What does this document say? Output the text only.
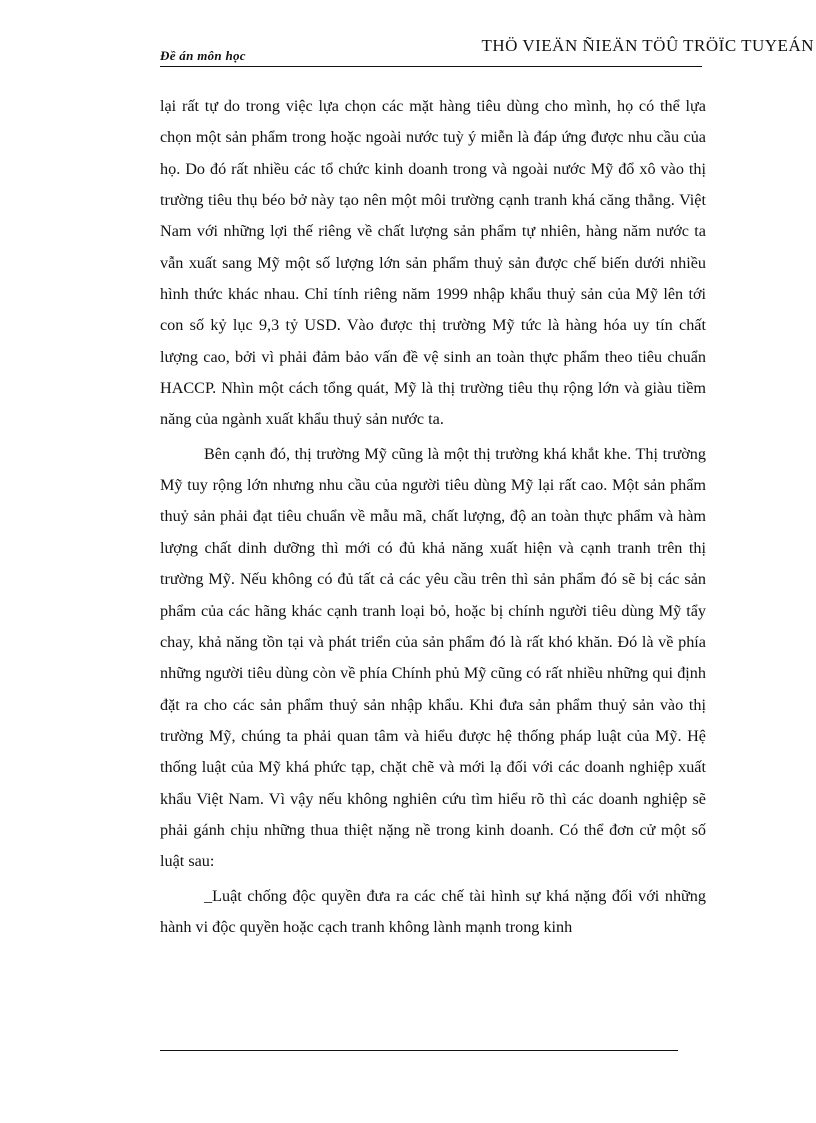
Đề án môn học
THÖ VIEÄN ÑIEÄN TÖÛ TRÖÏC TUYEÁN

lại rất tự do trong việc lựa chọn các mặt hàng tiêu dùng cho mình, họ có thể lựa chọn một sản phẩm trong hoặc ngoài nước tuỳ ý miễn là đáp ứng được nhu cầu của họ. Do đó rất nhiều các tổ chức kinh doanh trong và ngoài nước Mỹ đổ xô vào thị trường tiêu thụ béo bở này tạo nên một môi trường cạnh tranh khá căng thẳng. Việt Nam với những lợi thế riêng về chất lượng sản phẩm tự nhiên, hàng năm nước ta vẫn xuất sang Mỹ một số lượng lớn sản phẩm thuỷ sản được chế biến dưới nhiều hình thức khác nhau. Chỉ tính riêng năm 1999 nhập khẩu thuỷ sản của Mỹ lên tới con số kỷ lục 9,3 tỷ USD. Vào được thị trường Mỹ tức là hàng hóa uy tín chất lượng cao, bởi vì phải đảm bảo vấn đề vệ sinh an toàn thực phẩm theo tiêu chuẩn HACCP. Nhìn một cách tổng quát, Mỹ là thị trường tiêu thụ rộng lớn và giàu tiềm năng của ngành xuất khẩu thuỷ sản nước ta.

Bên cạnh đó, thị trường Mỹ cũng là một thị trường khá khắt khe. Thị trường Mỹ tuy rộng lớn nhưng nhu cầu của người tiêu dùng Mỹ lại rất cao. Một sản phẩm thuỷ sản phải đạt tiêu chuẩn về mẫu mã, chất lượng, độ an toàn thực phẩm và hàm lượng chất dinh dưỡng thì mới có đủ khả năng xuất hiện và cạnh tranh trên thị trường Mỹ. Nếu không có đủ tất cả các yêu cầu trên thì sản phẩm đó sẽ bị các sản phẩm của các hãng khác cạnh tranh loại bỏ, hoặc bị chính người tiêu dùng Mỹ tẩy chay, khả năng tồn tại và phát triển của sản phẩm đó là rất khó khăn. Đó là về phía những người tiêu dùng còn về phía Chính phủ Mỹ cũng có rất nhiều những qui định đặt ra cho các sản phẩm thuỷ sản nhập khẩu. Khi đưa sản phẩm thuỷ sản vào thị trường Mỹ, chúng ta phải quan tâm và hiểu được hệ thống pháp luật của Mỹ. Hệ thống luật của Mỹ khá phức tạp, chặt chẽ và mới lạ đối với các doanh nghiệp xuất khẩu Việt Nam. Vì vậy nếu không nghiên cứu tìm hiểu rõ thì các doanh nghiệp sẽ phải gánh chịu những thua thiệt nặng nề trong kinh doanh. Có thể đơn cử một số luật sau:

_Luật chống độc quyền đưa ra các chế tài hình sự khá nặng đối với những hành vi độc quyền hoặc cạch tranh không lành mạnh trong kinh
